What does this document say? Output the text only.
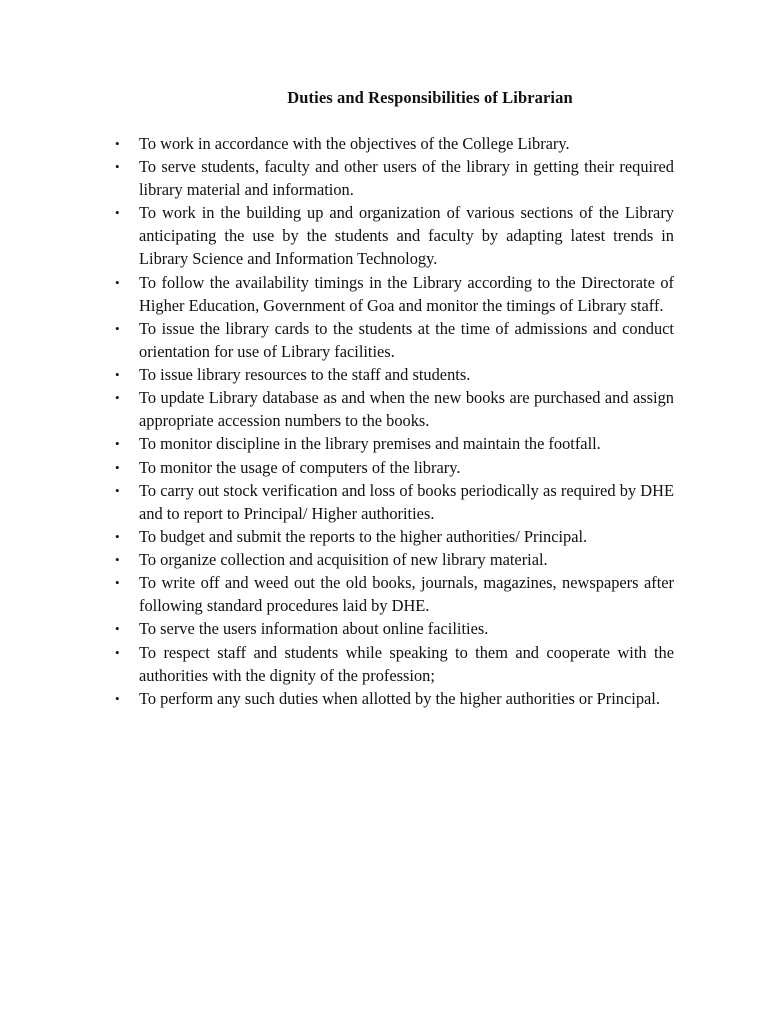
Duties and Responsibilities of Librarian
• To work in accordance with the objectives of the College Library.
• To serve students, faculty and other users of the library in getting their required library material and information.
• To work in the building up and organization of various sections of the Library anticipating the use by the students and faculty by adapting latest trends in Library Science and Information Technology.
• To follow the availability timings in the Library according to the Directorate of Higher Education, Government of Goa and monitor the timings of Library staff.
• To issue the library cards to the students at the time of admissions and conduct orientation for use of Library facilities.
• To issue library resources to the staff and students.
• To update Library database as and when the new books are purchased and assign appropriate accession numbers to the books.
• To monitor discipline in the library premises and maintain the footfall.
• To monitor the usage of computers of the library.
• To carry out stock verification and loss of books periodically as required by DHE and to report to Principal/ Higher authorities.
• To budget and submit the reports to the higher authorities/ Principal.
• To organize collection and acquisition of new library material.
• To write off and weed out the old books, journals, magazines, newspapers after following standard procedures laid by DHE.
• To serve the users information about online facilities.
• To respect staff and students while speaking to them and cooperate with the authorities with the dignity of the profession;
• To perform any such duties when allotted by the higher authorities or Principal.
